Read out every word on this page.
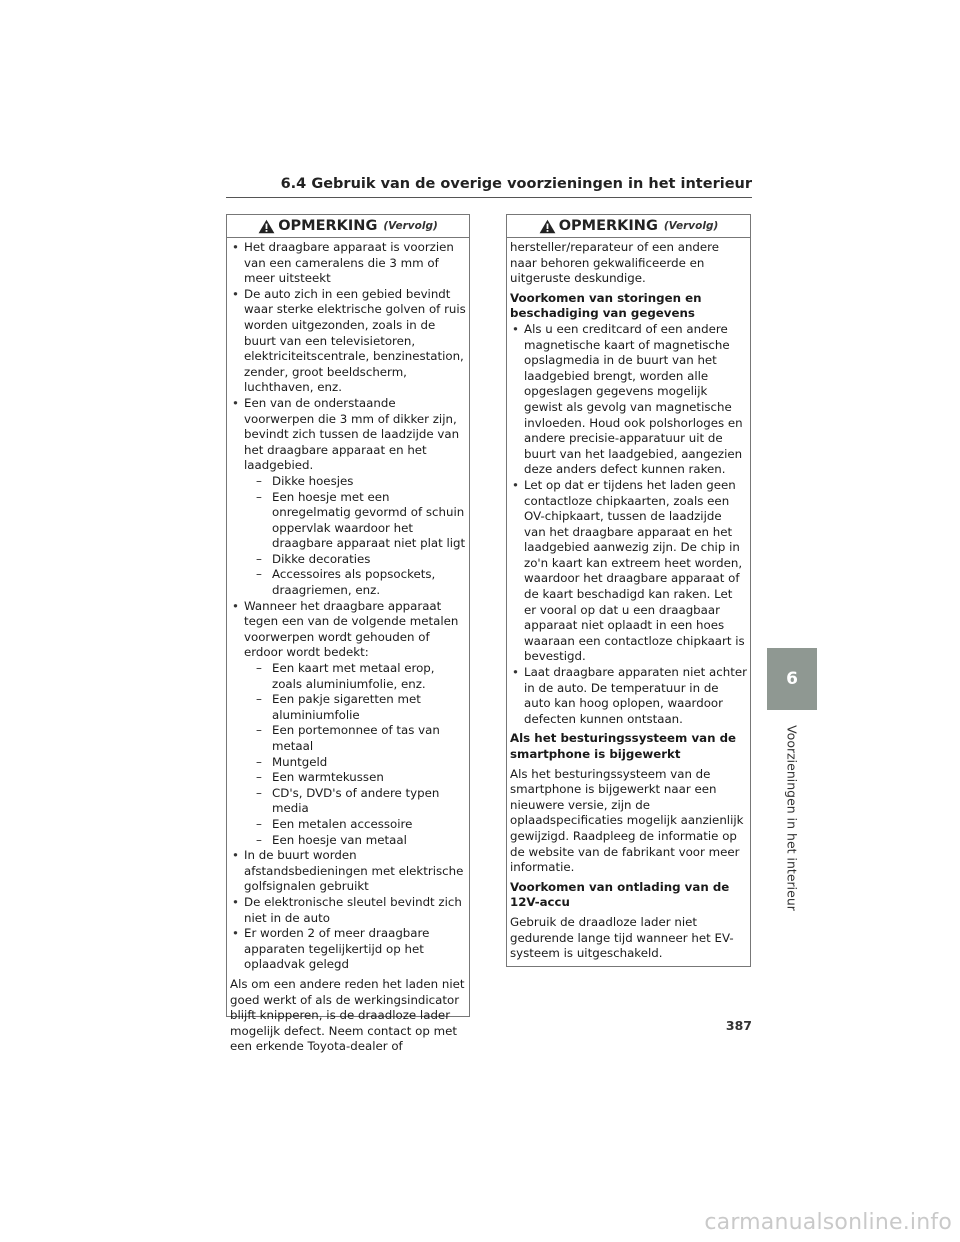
6.4 Gebruik van de overige voorzieningen in het interieur
OPMERKING (Vervolg)
• Het draagbare apparaat is voorzien van een cameralens die 3 mm of meer uitsteekt
• De auto zich in een gebied bevindt waar sterke elektrische golven of ruis worden uitgezonden, zoals in de buurt van een televisietoren, elektriciteitscentrale, benzinestation, zender, groot beeldscherm, luchthaven, enz.
• Een van de onderstaande voorwerpen die 3 mm of dikker zijn, bevindt zich tussen de laadzijde van het draagbare apparaat en het laadgebied.
– Dikke hoesjes
– Een hoesje met een onregelmatig gevormd of schuin oppervlak waardoor het draagbare apparaat niet plat ligt
– Dikke decoraties
– Accessoires als popsockets, draagriemen, enz.
• Wanneer het draagbare apparaat tegen een van de volgende metalen voorwerpen wordt gehouden of erdoor wordt bedekt:
– Een kaart met metaal erop, zoals aluminiumfolie, enz.
– Een pakje sigaretten met aluminiumfolie
– Een portemonnee of tas van metaal
– Muntgeld
– Een warmtekussen
– CD's, DVD's of andere typen media
– Een metalen accessoire
– Een hoesje van metaal
• In de buurt worden afstandsbedieningen met elektrische golfsignalen gebruikt
• De elektronische sleutel bevindt zich niet in de auto
• Er worden 2 of meer draagbare apparaten tegelijkertijd op het oplaadvak gelegd

Als om een andere reden het laden niet goed werkt of als de werkingsindicator blijft knipperen, is de draadloze lader mogelijk defect. Neem contact op met een erkende Toyota-dealer of

OPMERKING (Vervolg)

hersteller/reparateur of een andere naar behoren gekwalificeerde en uitgeruste deskundige.

Voorkomen van storingen en beschadiging van gegevens

• Als u een creditcard of een andere magnetische kaart of magnetische opslagmedia in de buurt van het laadgebied brengt, worden alle opgeslagen gegevens mogelijk gewist als gevolg van magnetische invloeden. Houd ook polshorloges en andere precisie-apparatuur uit de buurt van het laadgebied, aangezien deze anders defect kunnen raken.
• Let op dat er tijdens het laden geen contactloze chipkaarten, zoals een OV-chipkaart, tussen de laadzijde van het draagbare apparaat en het laadgebied aanwezig zijn. De chip in zo'n kaart kan extreem heet worden, waardoor het draagbare apparaat of de kaart beschadigd kan raken. Let er vooral op dat u een draagbaar apparaat niet oplaadt in een hoes waaraan een contactloze chipkaart is bevestigd.
• Laat draagbare apparaten niet achter in de auto. De temperatuur in de auto kan hoog oplopen, waardoor defecten kunnen ontstaan.

Als het besturingssysteem van de smartphone is bijgewerkt

Als het besturingssysteem van de smartphone is bijgewerkt naar een nieuwere versie, zijn de oplaadspecificaties mogelijk aanzienlijk gewijzigd. Raadpleeg de informatie op de website van de fabrikant voor meer informatie.

Voorkomen van ontlading van de 12V-accu

Gebruik de draadloze lader niet gedurende lange tijd wanneer het EV-systeem is uitgeschakeld.

6
Voorzieningen in het interieur
387
carmanualsonline.info
